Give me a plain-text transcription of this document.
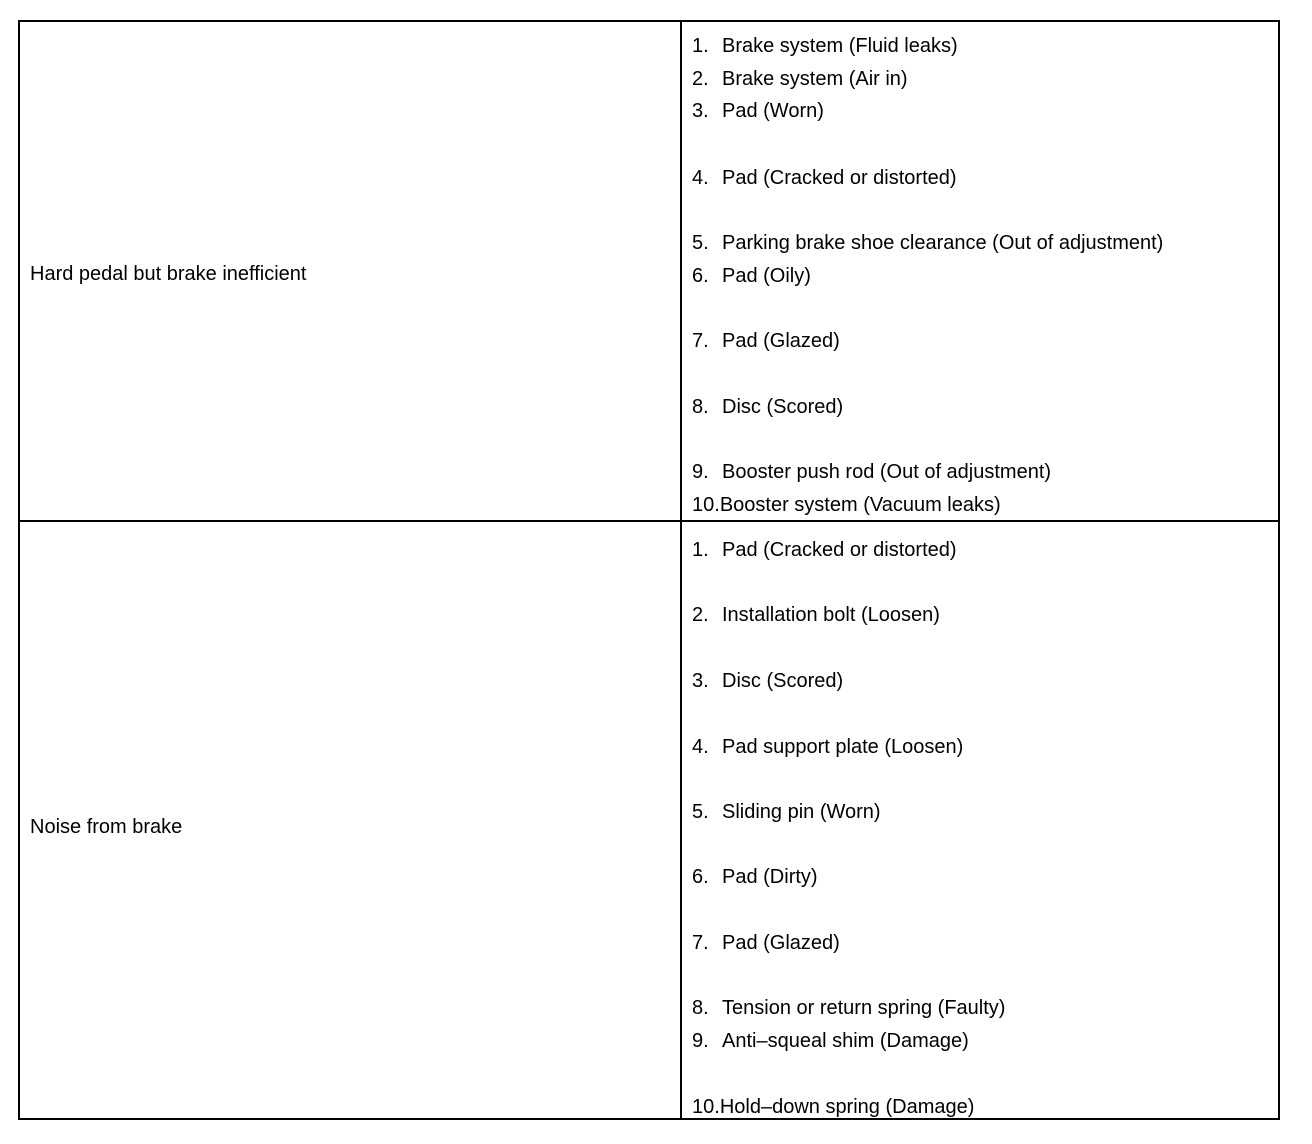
Hard pedal but brake inefficient
1. Brake system (Fluid leaks)
2. Brake system (Air in)
3. Pad (Worn)
4. Pad (Cracked or distorted)
5. Parking brake shoe clearance (Out of adjustment)
6. Pad (Oily)
7. Pad (Glazed)
8. Disc (Scored)
9. Booster push rod (Out of adjustment)
10.Booster system (Vacuum leaks)
Noise from brake
1. Pad (Cracked or distorted)
2. Installation bolt (Loosen)
3. Disc (Scored)
4. Pad support plate (Loosen)
5. Sliding pin (Worn)
6. Pad (Dirty)
7. Pad (Glazed)
8. Tension or return spring (Faulty)
9. Anti–squeal shim (Damage)
10.Hold–down spring (Damage)
